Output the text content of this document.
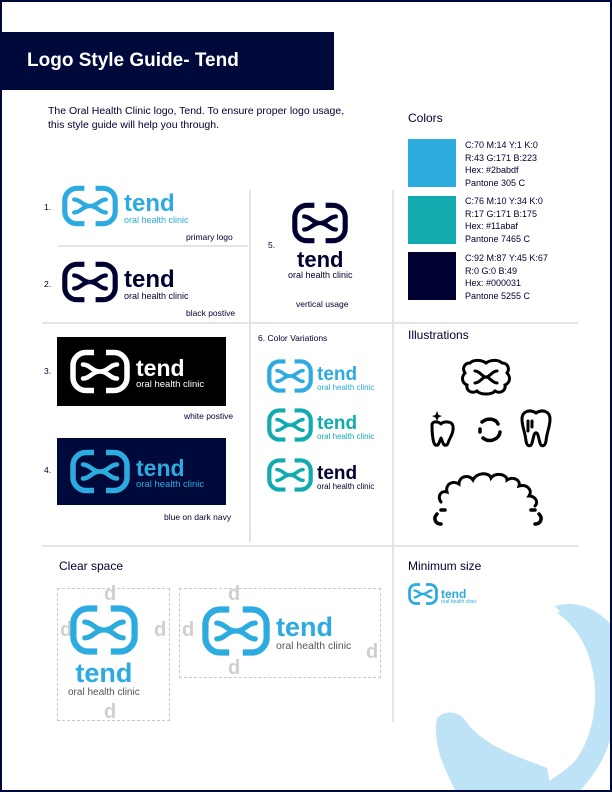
Logo Style Guide- Tend
The Oral Health Clinic logo, Tend. To ensure proper logo usage, this style guide will help you through.
1.	tend
oral health clinic
primary logo
2.	tend
oral health clinic
black postive
5.
tend
oral health clinic
vertical usage
3.	tend
oral health clinic
white postive
4.	tend
oral health clinic
blue on dark navy
6. Color Variations
tend
oral health clinic
tend
oral health clinic
tend
oral health clinic
Colors
C:70 M:14 Y:1 K:0
R:43 G:171 B:223
Hex: #2babdf
Pantone 305 C
C:76 M:10 Y:34 K:0
R:17 G:171 B:175
Hex: #11abaf
Pantone 7465 C
C:92 M:87 Y:45 K:67
R:0 G:0 B:49
Hex: #000031
Pantone 5255 C
Illustrations
Clear space
d
d	d
d
tend
oral health clinic
d
d
d
d
tend
oral health clinic
Minimum size
tend
oral health clinic
